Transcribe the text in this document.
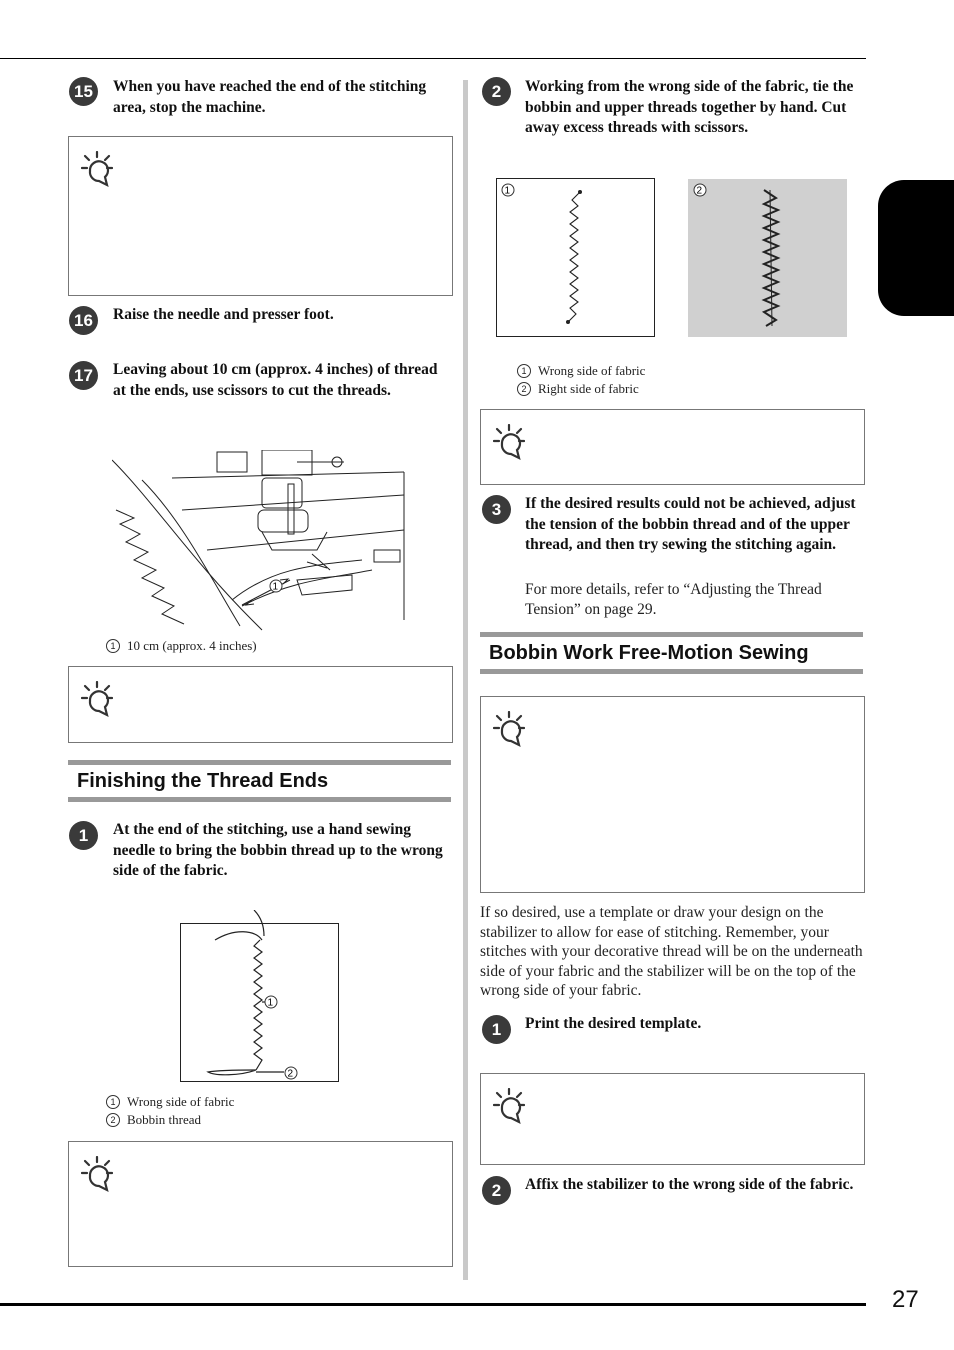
27
15	When you have reached the end of the stitching area, stop the machine.
16	Raise the needle and presser foot.
17	Leaving about 10 cm (approx. 4 inches) of thread at the ends, use scissors to cut the threads.
1
1 10 cm (approx. 4 inches)
Finishing the Thread Ends
1	At the end of the stitching, use a hand sewing needle to bring the bobbin thread up to the wrong side of the fabric.
1
2
1 Wrong side of fabric
2 Bobbin thread
2	Working from the wrong side of the fabric, tie the bobbin and upper threads together by hand. Cut away excess threads with scissors.
1	2
1 Wrong side of fabric
2 Right side of fabric
3	If the desired results could not be achieved, adjust the tension of the bobbin thread and of the upper thread, and then try sewing the stitching again.
For more details, refer to “Adjusting the Thread Tension” on page 29.
Bobbin Work Free-Motion Sewing
If so desired, use a template or draw your design on the stabilizer to allow for ease of stitching. Remember, your stitches with your decorative thread will be on the underneath side of your fabric and the stabilizer will be on the top of the wrong side of your fabric.
1	Print the desired template.
2	Affix the stabilizer to the wrong side of the fabric.
